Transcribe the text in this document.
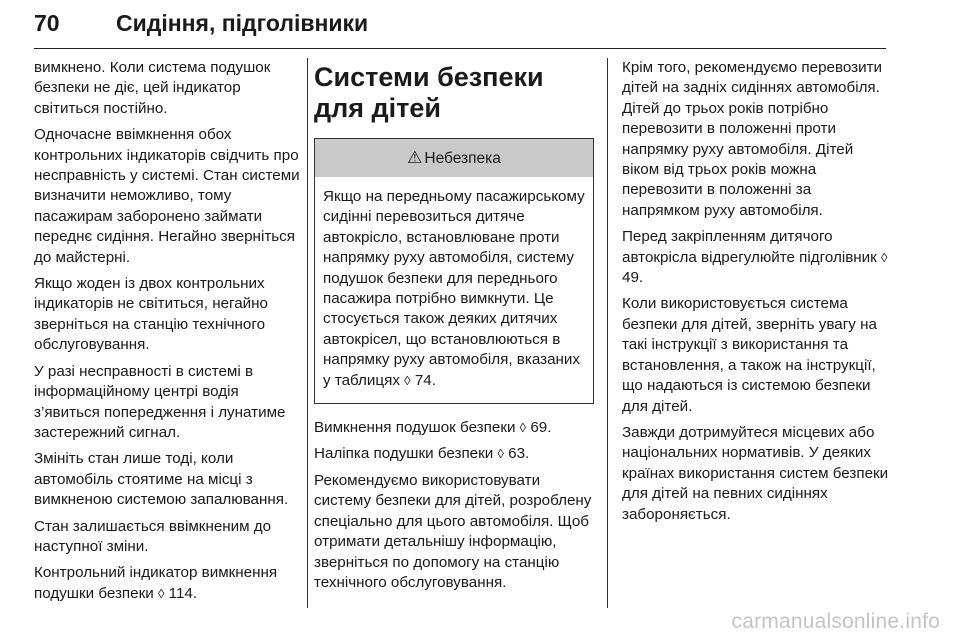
70 Сидіння, підголівники

вимкнено. Коли система подушок безпеки не діє, цей індикатор світиться постійно.

Одночасне ввімкнення обох контрольних індикаторів свідчить про несправність у системі. Стан системи визначити неможливо, тому пасажирам заборонено займати переднє сидіння. Негайно зверніться до майстерні.

Якщо жоден із двох контрольних індикаторів не світиться, негайно зверніться на станцію технічного обслуговування.

У разі несправності в системі в інформаційному центрі водія з’явиться попередження і лунатиме застережний сигнал.

Змініть стан лише тоді, коли автомобіль стоятиме на місці з вимкненою системою запалювання.

Стан залишається ввімкненим до наступної зміни.

Контрольний індикатор вимкнення подушки безпеки ◊ 114.

Системи безпеки для дітей
⚠ Небезпека
Якщо на передньому пасажирському сидінні перевозиться дитяче автокрісло, встановлюване проти напрямку руху автомобіля, систему подушок безпеки для переднього пасажира потрібно вимкнути. Це стосується також деяких дитячих автокрісел, що встановлюються в напрямку руху автомобіля, вказаних у таблицях ◊ 74.

Вимкнення подушок безпеки ◊ 69.

Наліпка подушки безпеки ◊ 63.

Рекомендуємо використовувати систему безпеки для дітей, розроблену спеціально для цього автомобіля. Щоб отримати детальнішу інформацію, зверніться по допомогу на станцію технічного обслуговування.

Крім того, рекомендуємо перевозити дітей на задніх сидіннях автомобіля. Дітей до трьох років потрібно перевозити в положенні проти напрямку руху автомобіля. Дітей віком від трьох років можна перевозити в положенні за напрямком руху автомобіля.

Перед закріпленням дитячого автокрісла відрегулюйте підголівник ◊ 49.

Коли використовується система безпеки для дітей, зверніть увагу на такі інструкції з використання та встановлення, а також на інструкції, що надаються із системою безпеки для дітей.

Завжди дотримуйтеся місцевих або національних нормативів. У деяких країнах використання систем безпеки для дітей на певних сидіннях забороняється.

carmanualsonline.info
